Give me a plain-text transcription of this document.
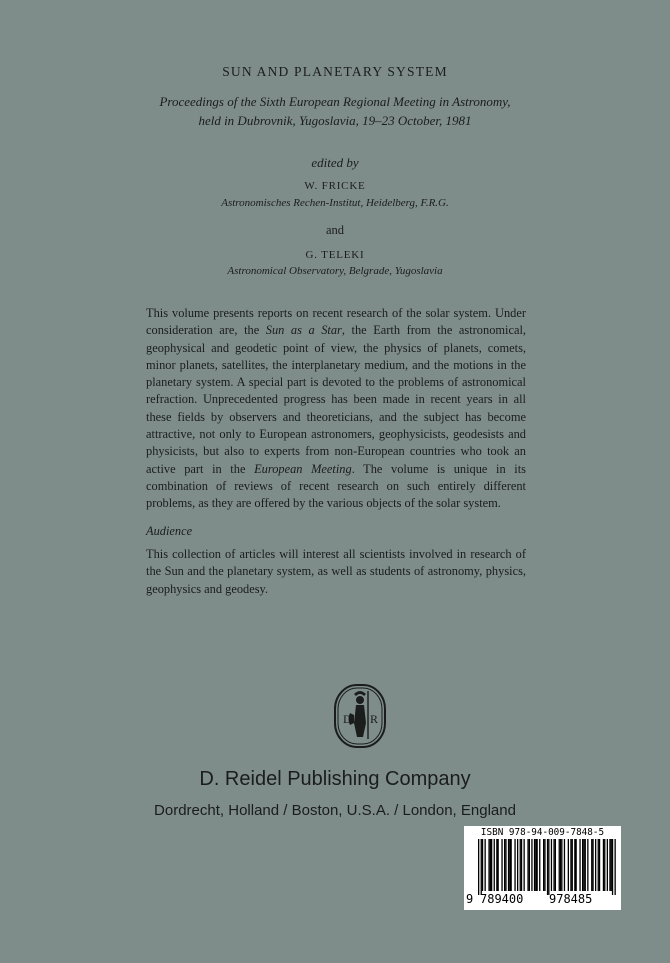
SUN AND PLANETARY SYSTEM
Proceedings of the Sixth European Regional Meeting in Astronomy,
held in Dubrovnik, Yugoslavia, 19–23 October, 1981
edited by
W. FRICKE
Astronomisches Rechen-Institut, Heidelberg, F.R.G.
and
G. TELEKI
Astronomical Observatory, Belgrade, Yugoslavia
This volume presents reports on recent research of the solar system. Under consideration are, the Sun as a Star, the Earth from the astronomical, geophysical and geodetic point of view, the physics of planets, comets, minor planets, satellites, the interplanetary medium, and the motions in the planetary system. A special part is devoted to the problems of astronomical refraction. Unprecedented progress has been made in recent years in all these fields by observers and theoreticians, and the subject has become attractive, not only to European astronomers, geophysicists, geodesists and physicists, but also to experts from non-European countries who took an active part in the European Meeting. The volume is unique in its combination of reviews of recent research on such entirely different problems, as they are offered by the various objects of the solar system.
Audience
This collection of articles will interest all scientists involved in research of the Sun and the planetary system, as well as students of astronomy, physics, geophysics and geodesy.
D R
D. Reidel Publishing Company
Dordrecht, Holland / Boston, U.S.A. / London, England
ISBN 978-94-009-7848-5
9 789400 978485
